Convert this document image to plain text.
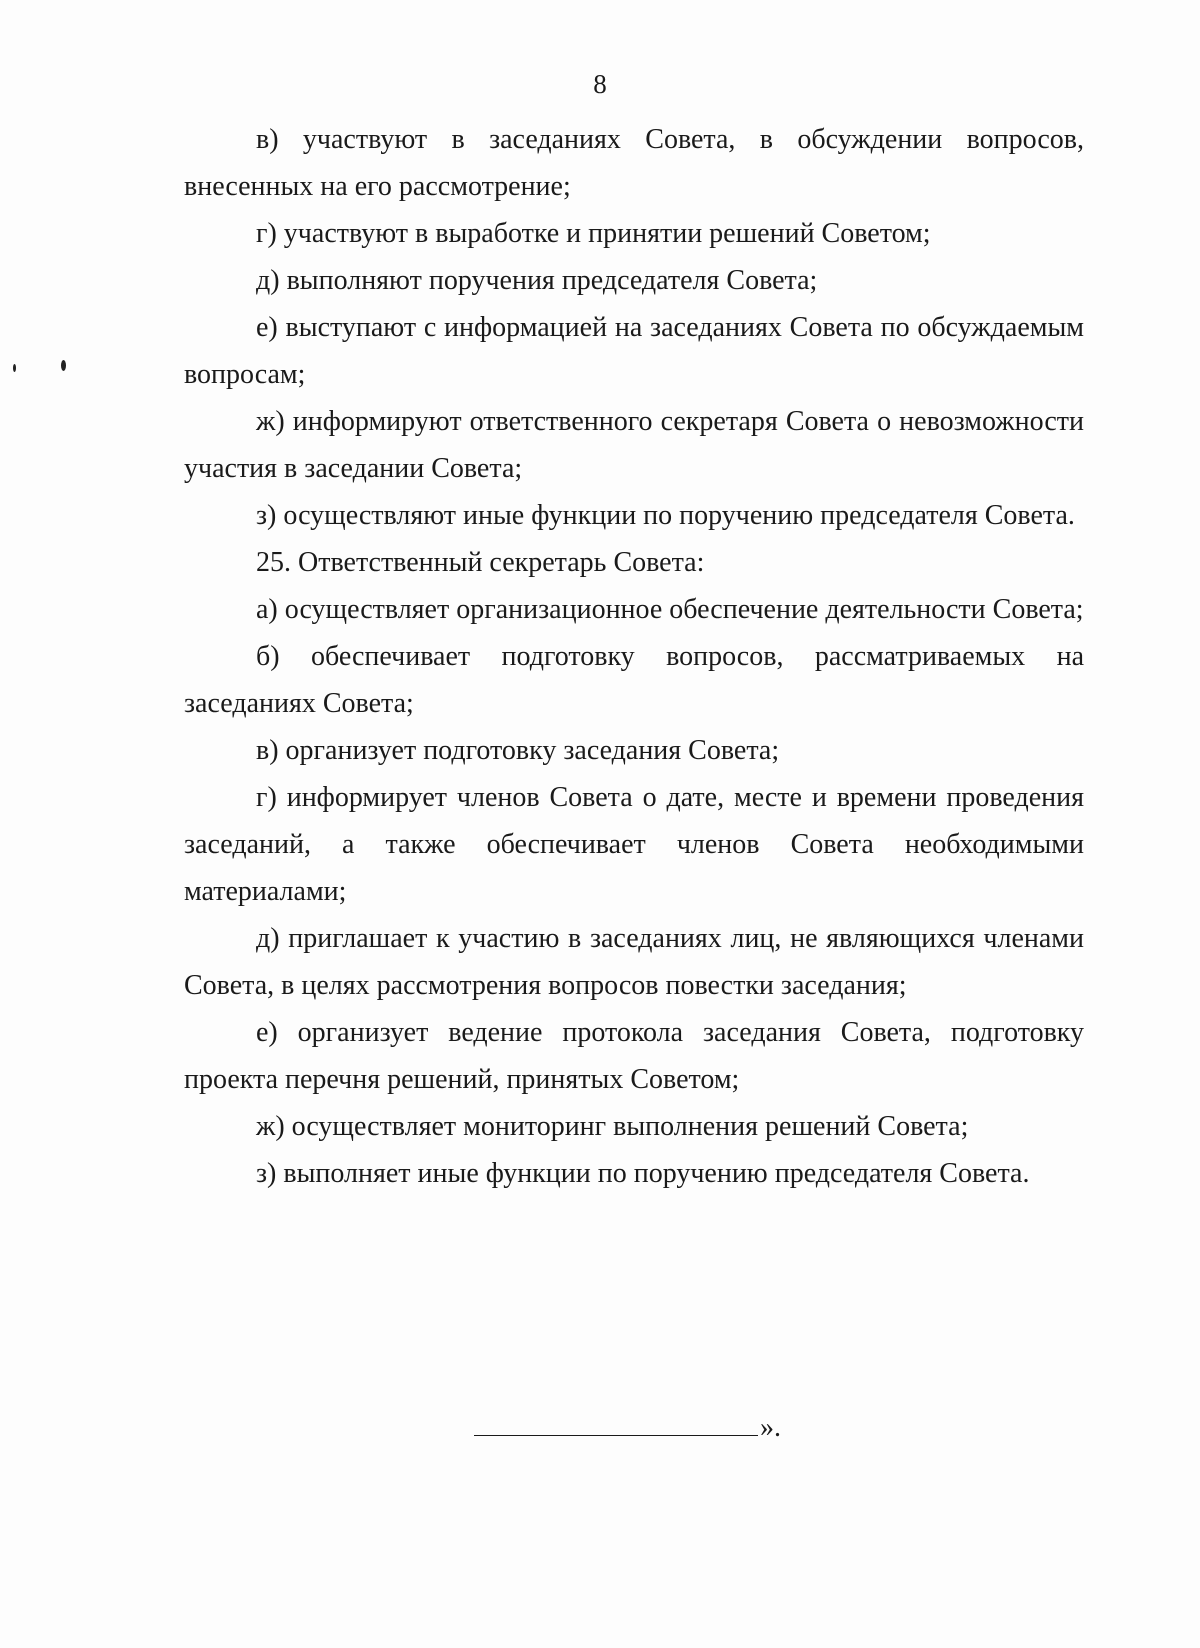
8

в) участвуют в заседаниях Совета, в обсуждении вопросов, внесенных на его рассмотрение;

г) участвуют в выработке и принятии решений Советом;

д) выполняют поручения председателя Совета;

е) выступают с информацией на заседаниях Совета по обсуждаемым вопросам;

ж) информируют ответственного секретаря Совета о невозможности участия в заседании Совета;

з) осуществляют иные функции по поручению председателя Совета.

25. Ответственный секретарь Совета:

а) осуществляет организационное обеспечение деятельности Совета;

б) обеспечивает подготовку вопросов, рассматриваемых на заседаниях Совета;

в) организует подготовку заседания Совета;

г) информирует членов Совета о дате, месте и времени проведения заседаний, а также обеспечивает членов Совета необходимыми материалами;

д) приглашает к участию в заседаниях лиц, не являющихся членами Совета, в целях рассмотрения вопросов повестки заседания;

е) организует ведение протокола заседания Совета, подготовку проекта перечня решений, принятых Советом;

ж) осуществляет мониторинг выполнения решений Совета;

з) выполняет иные функции по поручению председателя Совета.

».
